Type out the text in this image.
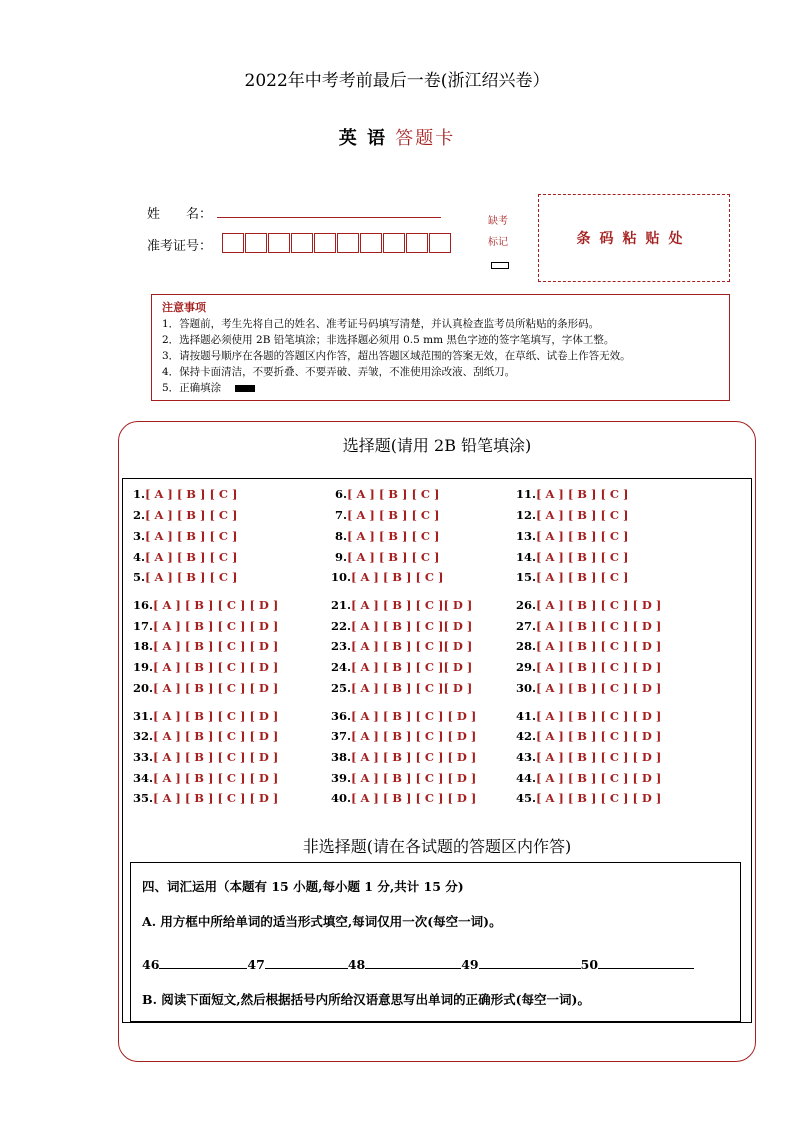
2022年中考考前最后一卷(浙江绍兴卷）
英 语 答题卡
姓　　名：
准考证号：
缺考
标记	条码粘贴处
注意事项
1．答题前，考生先将自己的姓名、准考证号码填写清楚，并认真检查监考员所粘贴的条形码。
2．选择题必须使用 2B 铅笔填涂；非选择题必须用 0.5 mm 黑色字迹的签字笔填写，字体工整。
3．请按题号顺序在各题的答题区内作答，超出答题区域范围的答案无效，在草纸、试卷上作答无效。
4．保持卡面清洁，不要折叠、不要弄破、弄皱，不准使用涂改液、刮纸刀。
5．正确填涂
选择题(请用 2B 铅笔填涂)
1.[ A ] [ B ] [ C ]
2.[ A ] [ B ] [ C ]
3.[ A ] [ B ] [ C ]
4.[ A ] [ B ] [ C ]
5.[ A ] [ B ] [ C ]
6.[ A ] [ B ] [ C ]
7.[ A ] [ B ] [ C ]
8.[ A ] [ B ] [ C ]
9.[ A ] [ B ] [ C ]
10.[ A ] [ B ] [ C ]
11.[ A ] [ B ] [ C ]
12.[ A ] [ B ] [ C ]
13.[ A ] [ B ] [ C ]
14.[ A ] [ B ] [ C ]
15.[ A ] [ B ] [ C ]
16.[ A ] [ B ] [ C ] [ D ]
17.[ A ] [ B ] [ C ] [ D ]
18.[ A ] [ B ] [ C ] [ D ]
19.[ A ] [ B ] [ C ] [ D ]
20.[ A ] [ B ] [ C ] [ D ]
21.[ A ] [ B ] [ C ][ D ]
22.[ A ] [ B ] [ C ][ D ]
23.[ A ] [ B ] [ C ][ D ]
24.[ A ] [ B ] [ C ][ D ]
25.[ A ] [ B ] [ C ][ D ]
26.[ A ] [ B ] [ C ] [ D ]
27.[ A ] [ B ] [ C ] [ D ]
28.[ A ] [ B ] [ C ] [ D ]
29.[ A ] [ B ] [ C ] [ D ]
30.[ A ] [ B ] [ C ] [ D ]
31.[ A ] [ B ] [ C ] [ D ]
32.[ A ] [ B ] [ C ] [ D ]
33.[ A ] [ B ] [ C ] [ D ]
34.[ A ] [ B ] [ C ] [ D ]
35.[ A ] [ B ] [ C ] [ D ]
36.[ A ] [ B ] [ C ] [ D ]
37.[ A ] [ B ] [ C ] [ D ]
38.[ A ] [ B ] [ C ] [ D ]
39.[ A ] [ B ] [ C ] [ D ]
40.[ A ] [ B ] [ C ] [ D ]
41.[ A ] [ B ] [ C ] [ D ]
42.[ A ] [ B ] [ C ] [ D ]
43.[ A ] [ B ] [ C ] [ D ]
44.[ A ] [ B ] [ C ] [ D ]
45.[ A ] [ B ] [ C ] [ D ]
非选择题(请在各试题的答题区内作答)
四、词汇运用（本题有 15 小题,每小题 1 分,共计 15 分)
A. 用方框中所给单词的适当形式填空,每词仅用一次(每空一词)。
46	47	48	49	50
B. 阅读下面短文,然后根据括号内所给汉语意思写出单词的正确形式(每空一词)。
